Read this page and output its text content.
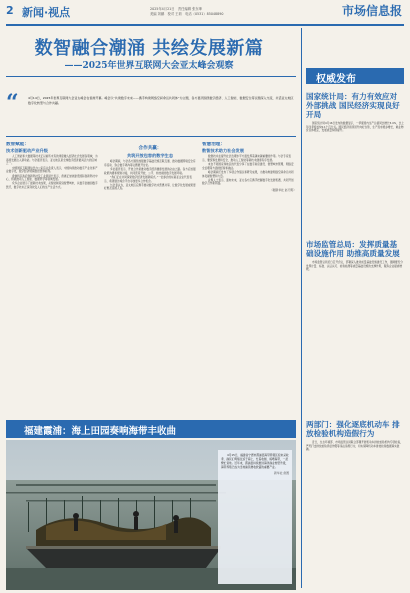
2 新闻·视点	2025年4月21日　责任编辑 张东坤
美编 刘鹏　校对 王莉　电话（0531）85048890	市场信息报
数智融合潮涌 共绘发展新篇
——2025年世界互联网大会亚太峰会观察
“	4月14日，2025年世界互联网大会亚太峰会在香港开幕。峰会以“共建数字未来——携手构建网络空间命运共同体”为主题，各方嘉宾围绕数字经济、人工智能、数据安全等议题深入交流，共话亚太地区数字化转型与合作共赢。
数智赋能：
技术创新驱动产业升级

人工智能和大数据等技术正以前所未有的速度融入经济社会发展各领域，为各国发展注入新动能。与会嘉宾表示，亚太地区是全球数字经济最具活力的区域之一。

中国国家互联网信息办公室有关负责人表示，中国持续推动数字产业化和产业数字化，数字经济规模稳居世界前列。

香港特区政府创新科技及工业局局长表示，香港正加快建设国际创新科技中心，积极推动人工智能、数据科学等领域发展。

众多企业展示了最新技术成果，从智能制造到智慧城市，从数字金融到数字医疗，数字技术正深刻改变人们的生产生活方式。

合作共赢：
共筑开放包容的数字生态

峰会期间，与会各方围绕加强数字基础设施互联互通、推动数据跨境安全有序流动、弥合数字鸿沟等议题展开讨论。

多位嘉宾表示，开放合作是推动数字经济健康发展的必由之路。各方应加强政策沟通和规则对接，共同营造开放、公平、非歧视的数字发展环境。

“我们正在共同探索数字经济发展新模式。”一位参会的东南亚企业代表表示，希望通过峰会平台寻找更多合作机会。

与会者认为，亚太地区应携手推动数字技术普惠共享，让数字化发展成果更好惠及各国人民。

智慧治理：
数智技术助力社会发展

数智技术在提升社会治理水平方面发挥着越来越重要的作用。与会专家表示，要统筹发展和安全，推动人工智能等新技术健康有序发展。

来自不同国家和地区的代表分享了在数字政府建设、智慧城市管理、网络安全治理等方面的经验和做法。

峰会期间还发布了多项合作倡议和研究成果，为推动构建网络空间命运共同体贡献智慧和力量。

业界人士表示，面向未来，亚太各方应携手把握数字化发展机遇，共同开创数字合作新局面。

（据新华社 赵天明）
权威发布
国家统计局：有力有效应对外部挑战 国民经济实现良好开局

国家统计局4月16日发布的数据显示，一季度国内生产总值同比增长5.4%，比上年四季度加快0.1个百分点。国民经济延续回升向好态势，生产需求稳步增长，就业物价总体稳定，发展质量持续提升。

市场监管总局：发挥质量基础设施作用 助推高质量发展

市场监管总局近日召开会议，部署深入推进质量基础设施建设工作，强调要充分发挥计量、标准、认证认可、检验检测等质量基础设施的支撑作用，服务企业提质增效。

两部门：强化逐底机动车 排放检验机构造假行为

近日，生态环境部、市场监管总局联合部署开展机动车排放检验机构专项检查，严厉打击排放检验弄虚作假等违法违规行为，切实保障机动车排放检验数据真实准确。

福建霞浦：海上田园奏响海带丰收曲

4月15日，福建省宁德市霞浦县海带养殖区迎来采收季，渔民们驾船往返于海上，忙着收割、晾晒海带，一派繁忙景象。近年来，霞浦县持续推进海洋渔业转型升级，海带养殖已成为当地渔民增收致富的重要产业。

新华社 供图
